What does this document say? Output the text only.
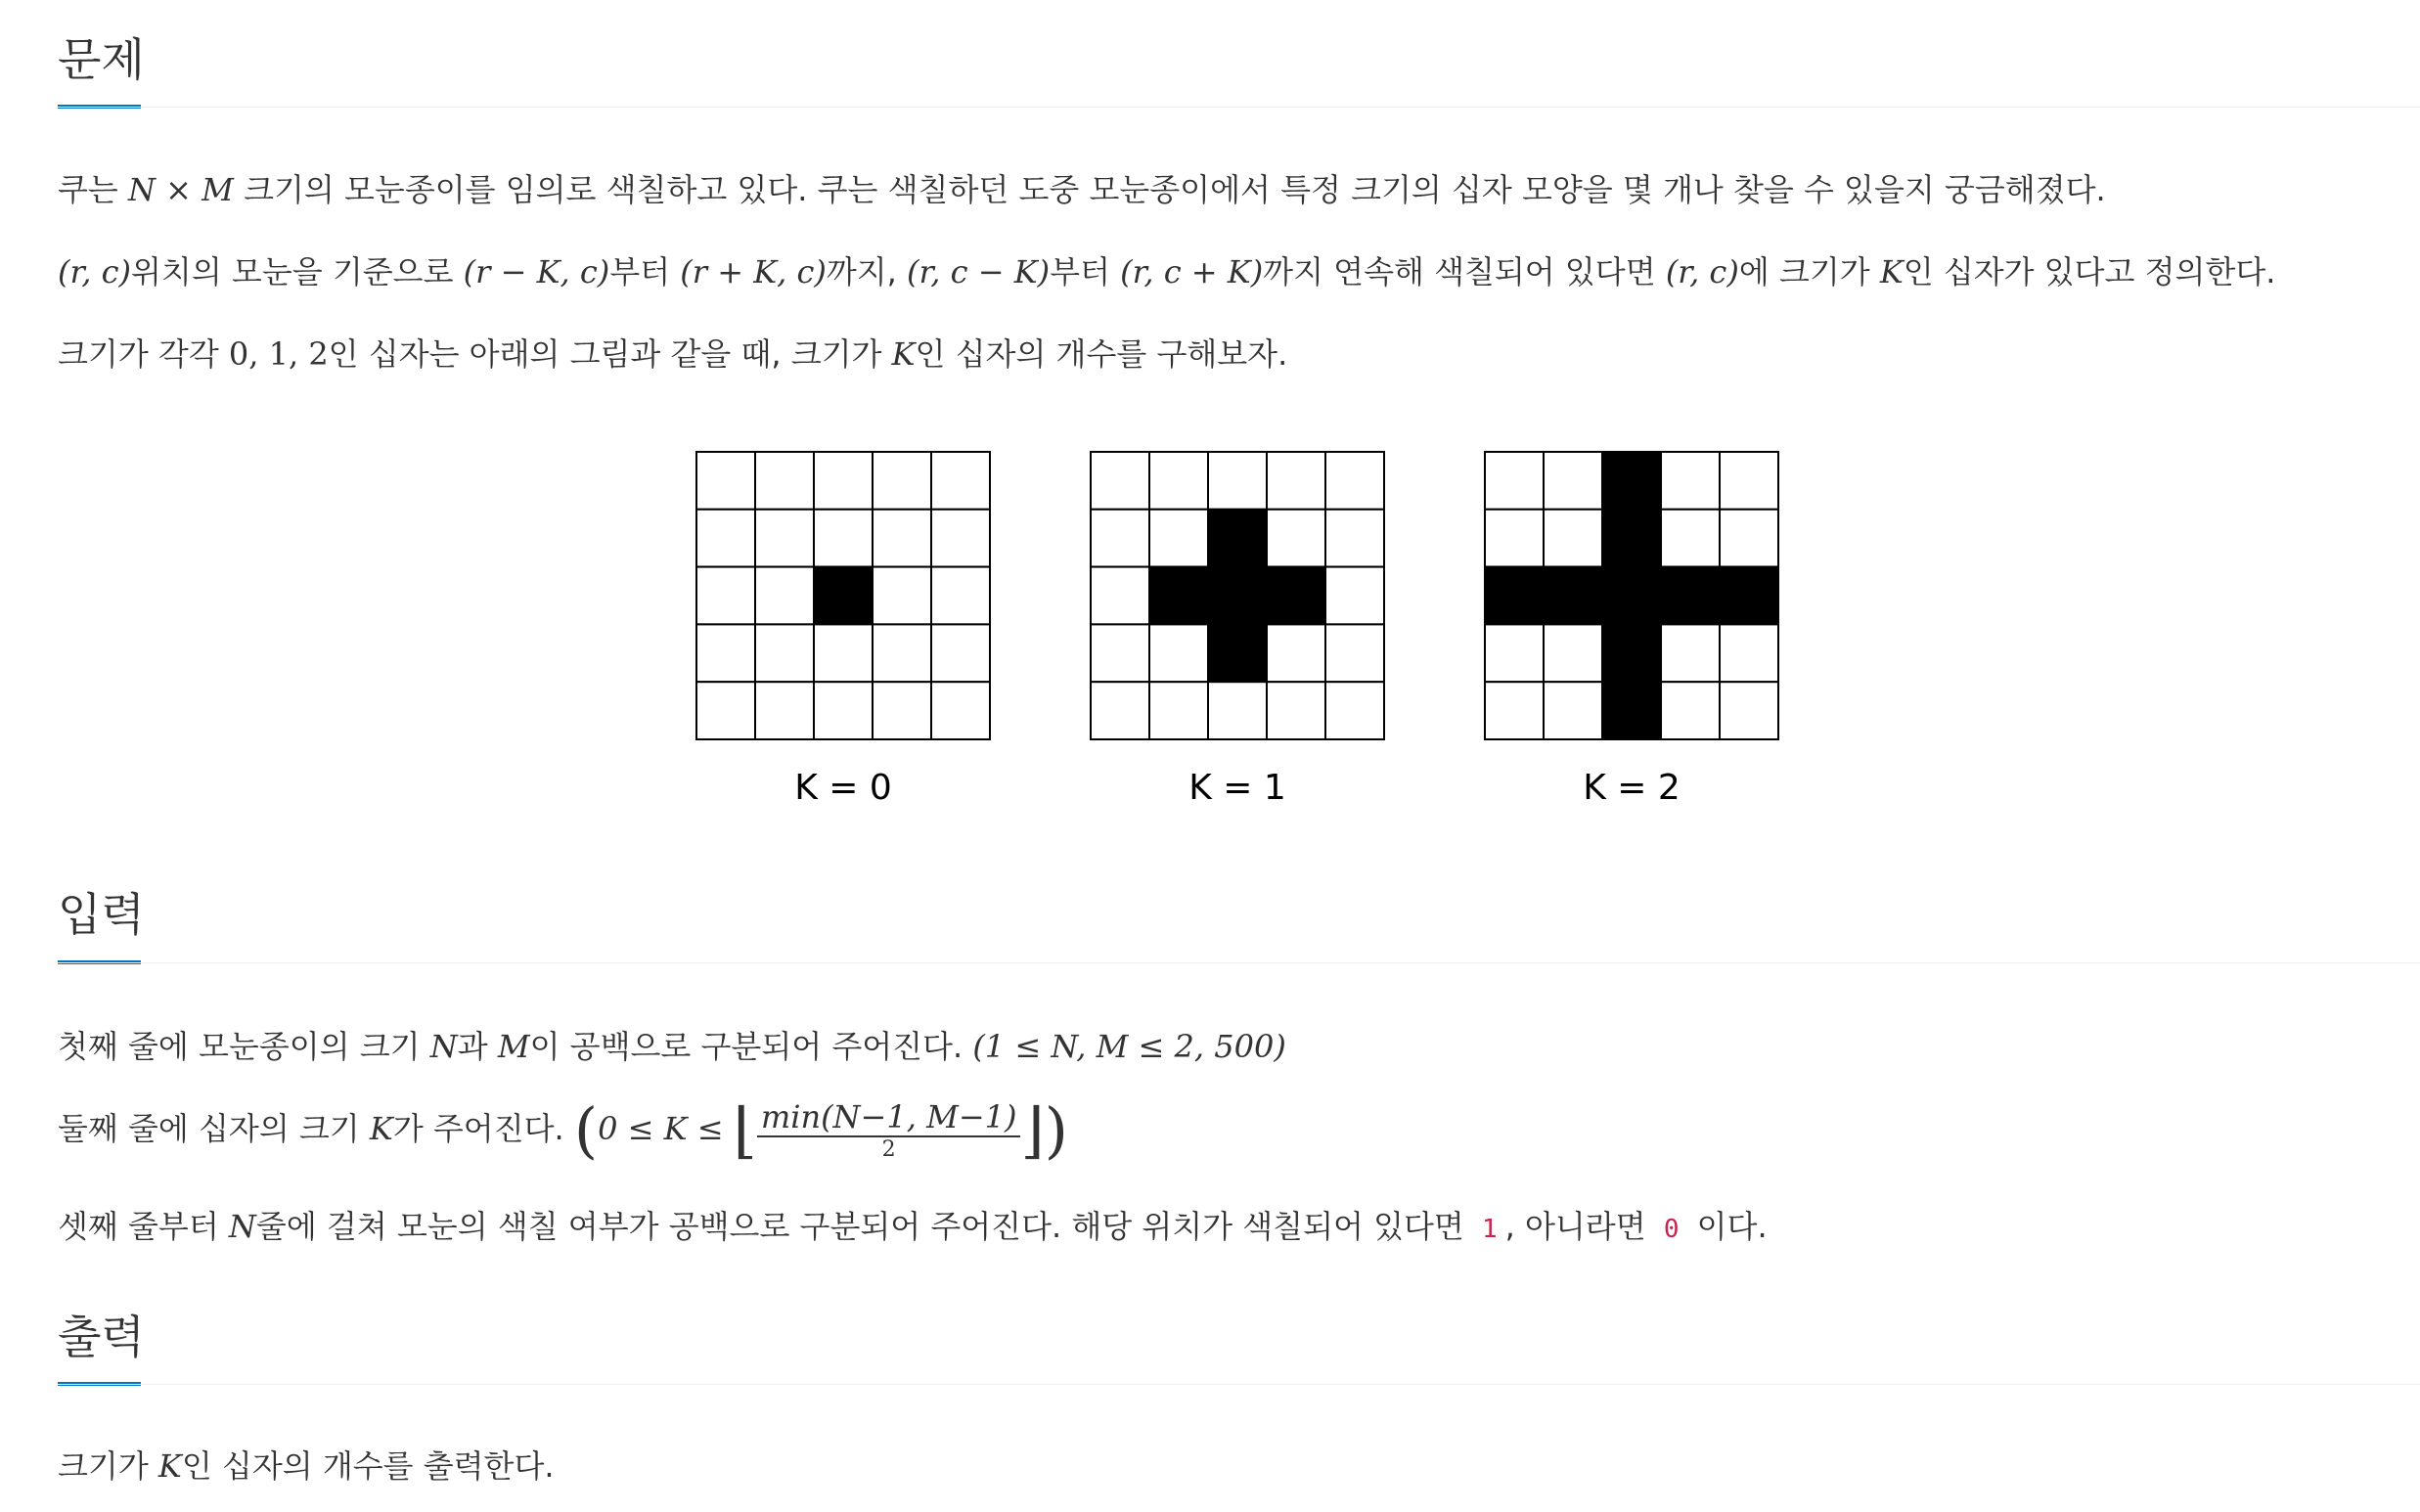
문제

쿠는 N × M 크기의 모눈종이를 임의로 색칠하고 있다. 쿠는 색칠하던 도중 모눈종이에서 특정 크기의 십자 모양을 몇 개나 찾을 수 있을지 궁금해졌다.

(r, c)위치의 모눈을 기준으로 (r − K, c)부터 (r + K, c)까지, (r, c − K)부터 (r, c + K)까지 연속해 색칠되어 있다면 (r, c)에 크기가 K인 십자가 있다고 정의한다.

크기가 각각 0, 1, 2인 십자는 아래의 그림과 같을 때, 크기가 K인 십자의 개수를 구해보자.

K = 0	K = 1	K = 2
입력

첫째 줄에 모눈종이의 크기 N과 M이 공백으로 구분되어 주어진다. (1 ≤ N, M ≤ 2, 500)

둘째 줄에 십자의 크기 K가 주어진다. (0 ≤ K ≤ ⌊ $\frac{\min(N-1, M-1)}{2}$ ⌋)

셋째 줄부터 N줄에 걸쳐 모눈의 색칠 여부가 공백으로 구분되어 주어진다. 해당 위치가 색칠되어 있다면 1 , 아니라면 0 이다.

출력

크기가 K인 십자의 개수를 출력한다.
